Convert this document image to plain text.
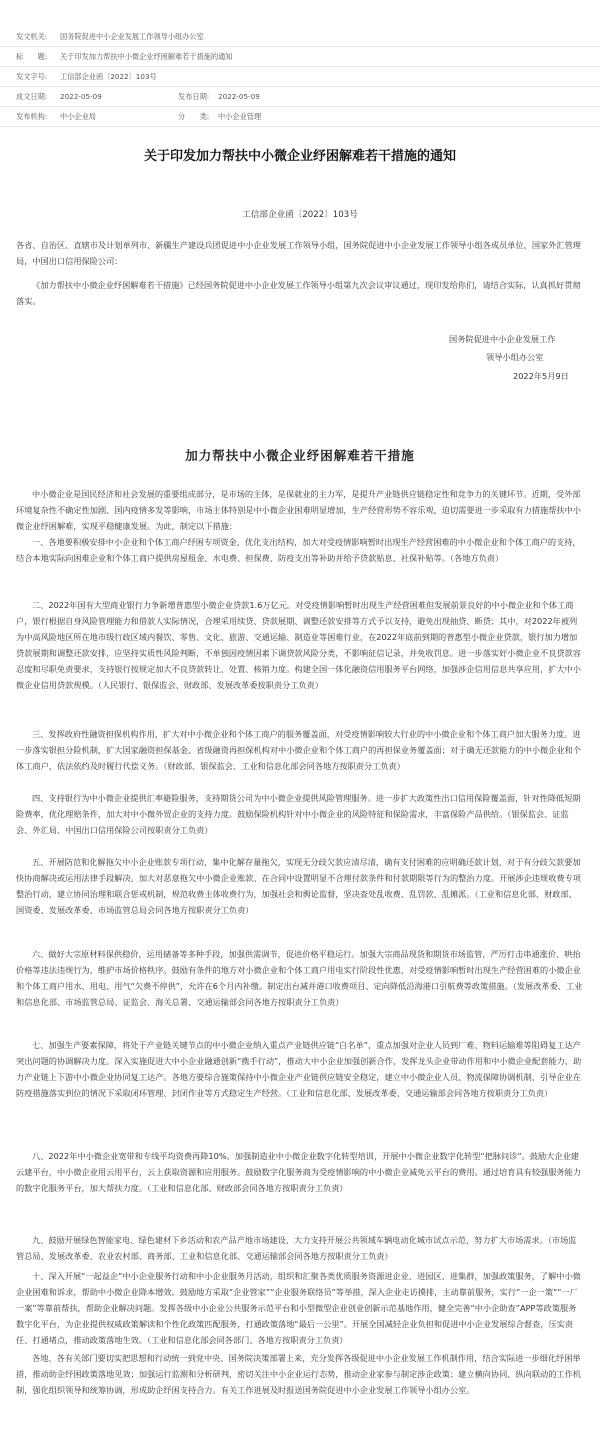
发文机关: 国务院促进中小企业发展工作领导小组办公室
标　　题: 关于印发加力帮扶中小微企业纾困解难若干措施的通知
发文字号: 工信部企业函〔2022〕103号
成文日期: 2022-05-09	发布日期: 2022-05-09
发布机构: 中小企业局	分　　类: 中小企业管理
关于印发加力帮扶中小微企业纾困解难若干措施的通知
工信部企业函〔2022〕103号

各省、自治区、直辖市及计划单列市、新疆生产建设兵团促进中小企业发展工作领导小组，国务院促进中小企业发展工作领导小组各成员单位，国家外汇管理局，中国出口信用保险公司：

《加力帮扶中小微企业纾困解难若干措施》已经国务院促进中小企业发展工作领导小组第九次会议审议通过，现印发给你们，请结合实际，认真抓好贯彻落实。

国务院促进中小企业发展工作
领导小组办公室
2022年5月9日
加力帮扶中小微企业纾困解难若干措施

中小微企业是国民经济和社会发展的重要组成部分，是市场的主体，是保就业的主力军，是提升产业链供应链稳定性和竞争力的关键环节。近期，受外部环境复杂性不确定性加剧、国内疫情多发等影响，市场主体特别是中小微企业困难明显增加，生产经营形势不容乐观，迫切需要进一步采取有力措施帮扶中小微企业纾困解难，实现平稳健康发展。为此，制定以下措施：

一、各地要积极安排中小企业和个体工商户纾困专项资金，优化支出结构，加大对受疫情影响暂时出现生产经营困难的中小微企业和个体工商户的支持，结合本地实际向困难企业和个体工商户提供房屋租金、水电费、担保费、防疫支出等补助并给予贷款贴息、社保补贴等。（各地方负责）

二、2022年国有大型商业银行力争新增普惠型小微企业贷款1.6万亿元。对受疫情影响暂时出现生产经营困难但发展前景良好的中小微企业和个体工商户，银行根据自身风险管理能力和借款人实际情况，合理采用续贷、贷款展期、调整还款安排等方式予以支持，避免出现抽贷、断贷；其中，对2022年被列为中高风险地区所在地市级行政区域内餐饮、零售、文化、旅游、交通运输、制造业等困难行业，在2022年底前到期的普惠型小微企业贷款，银行加力增加贷款展期和调整还款安排，应坚持实质性风险判断，不单独因疫情因素下调贷款风险分类，不影响征信记录，并免收罚息。进一步落实好小微企业不良贷款容忍度和尽职免责要求，支持银行按规定加大不良贷款转让、处置、核销力度。构建全国一体化融资信用服务平台网络，加强涉企信用信息共享应用，扩大中小微企业信用贷款规模。（人民银行、银保监会、财政部、发展改革委按职责分工负责）

三、发挥政府性融资担保机构作用，扩大对中小微企业和个体工商户的服务覆盖面，对受疫情影响较大行业的中小微企业和个体工商户加大服务力度。进一步落实银担分险机制，扩大国家融资担保基金、省级融资再担保机构对中小微企业和个体工商户的再担保业务覆盖面；对于确无还款能力的中小微企业和个体工商户，依法依约及时履行代偿义务。（财政部、银保监会、工业和信息化部会同各地方按职责分工负责）

四、支持银行为中小微企业提供汇率避险服务，支持期货公司为中小微企业提供风险管理服务。进一步扩大政策性出口信用保险覆盖面，针对性降低短期险费率，优化理赔条件，加大对中小微外贸企业的支持力度。鼓励保险机构针对中小微企业的风险特征和保险需求，丰富保险产品供给。（银保监会、证监会、外汇局、中国出口信用保险公司按职责分工负责）

五、开展防范和化解拖欠中小企业账款专项行动，集中化解存量拖欠，实现无分歧欠款应清尽清，确有支付困难的应明确还款计划，对于有分歧欠款要加快协商解决或运用法律手段解决。加大对恶意拖欠中小微企业账款、在合同中设置明显不合理付款条件和付款期限等行为的整治力度。开展涉企违规收费专项整治行动，建立协同治理和联合惩戒机制，规范收费主体收费行为，加强社会和舆论监督，坚决查处乱收费、乱罚款、乱摊派。（工业和信息化部、财政部、国资委、发展改革委、市场监管总局会同各地方按职责分工负责）

六、做好大宗原材料保供稳价，运用储备等多种手段，加强供需调节，促进价格平稳运行。加强大宗商品现货和期货市场监管，严厉打击串通涨价、哄抬价格等违法违规行为，维护市场价格秩序。鼓励有条件的地方对小微企业和个体工商户用电实行阶段性优惠，对受疫情影响暂时出现生产经营困难的小微企业和个体工商户用水、用电、用气“欠费不停供”，允许在6个月内补缴。制定出台减并港口收费项目、定向降低沿海港口引航费等政策措施。（发展改革委、工业和信息化部、市场监管总局、证监会、海关总署、交通运输部会同各地方按职责分工负责）

七、加强生产要素保障，将处于产业链关键节点的中小微企业纳入重点产业链供应链“白名单”，重点加强对企业人员到厂难、物料运输难等阻碍复工达产突出问题的协调解决力度。深入实施促进大中小企业融通创新“携手行动”，推动大中小企业加强创新合作，发挥龙头企业带动作用和中小微企业配套能力，助力产业链上下游中小微企业协同复工达产。各地方要综合施策保持中小微企业产业链供应链安全稳定，建立中小微企业人员、物流保障协调机制，引导企业在防疫措施落实到位的情况下采取闭环管理、封闭作业等方式稳定生产经营。（工业和信息化部、发展改革委、交通运输部会同各地方按职责分工负责）

八、2022年中小微企业宽带和专线平均资费再降10%。加强制造业中小微企业数字化转型培训，开展中小微企业数字化转型“把脉问诊”。鼓励大企业建云建平台，中小微企业用云用平台，云上获取资源和应用服务。鼓励数字化服务商为受疫情影响的中小微企业减免云平台的费用。通过培育具有较强服务能力的数字化服务平台，加大帮扶力度。（工业和信息化部、财政部会同各地方按职责分工负责）

九、鼓励开展绿色智能家电、绿色建材下乡活动和农产品产地市场建设，大力支持开展公共领域车辆电动化城市试点示范，努力扩大市场需求。（市场监管总局、发展改革委、农业农村部、商务部、工业和信息化部、交通运输部会同各地方按职责分工负责）

十、深入开展“一起益企”中小企业服务行动和中小企业服务月活动，组织和汇聚各类优质服务资源进企业、进园区、进集群，加强政策服务，了解中小微企业困难和诉求，帮助中小微企业降本增效。鼓励地方采取“企业管家”“企业服务联络员”等举措，深入企业走访摸排，主动靠前服务，实行“一企一策”“一厂一案”等靠前帮扶，帮助企业解决问题。发挥各级中小企业公共服务示范平台和小型微型企业创业创新示范基地作用，健全完善“中小企助查”APP等政策服务数字化平台，为企业提供权威政策解读和个性化政策匹配服务，打通政策落地“最后一公里”。开展全国减轻企业负担和促进中小企业发展综合督查，压实责任、打通堵点，推动政策落地生效。（工业和信息化部会同各部门、各地方按职责分工负责）

各地、各有关部门要切实把思想和行动统一到党中央、国务院决策部署上来，充分发挥各级促进中小企业发展工作机制作用，结合实际进一步细化纾困举措，推动助企纾困政策落地见效；加强运行监测和分析研判，密切关注中小企业运行态势，推动企业家参与制定涉企政策；建立横向协同、纵向联动的工作机制，强化组织领导和统筹协调，形成助企纾困支持合力。有关工作进展及时报送国务院促进中小企业发展工作领导小组办公室。
